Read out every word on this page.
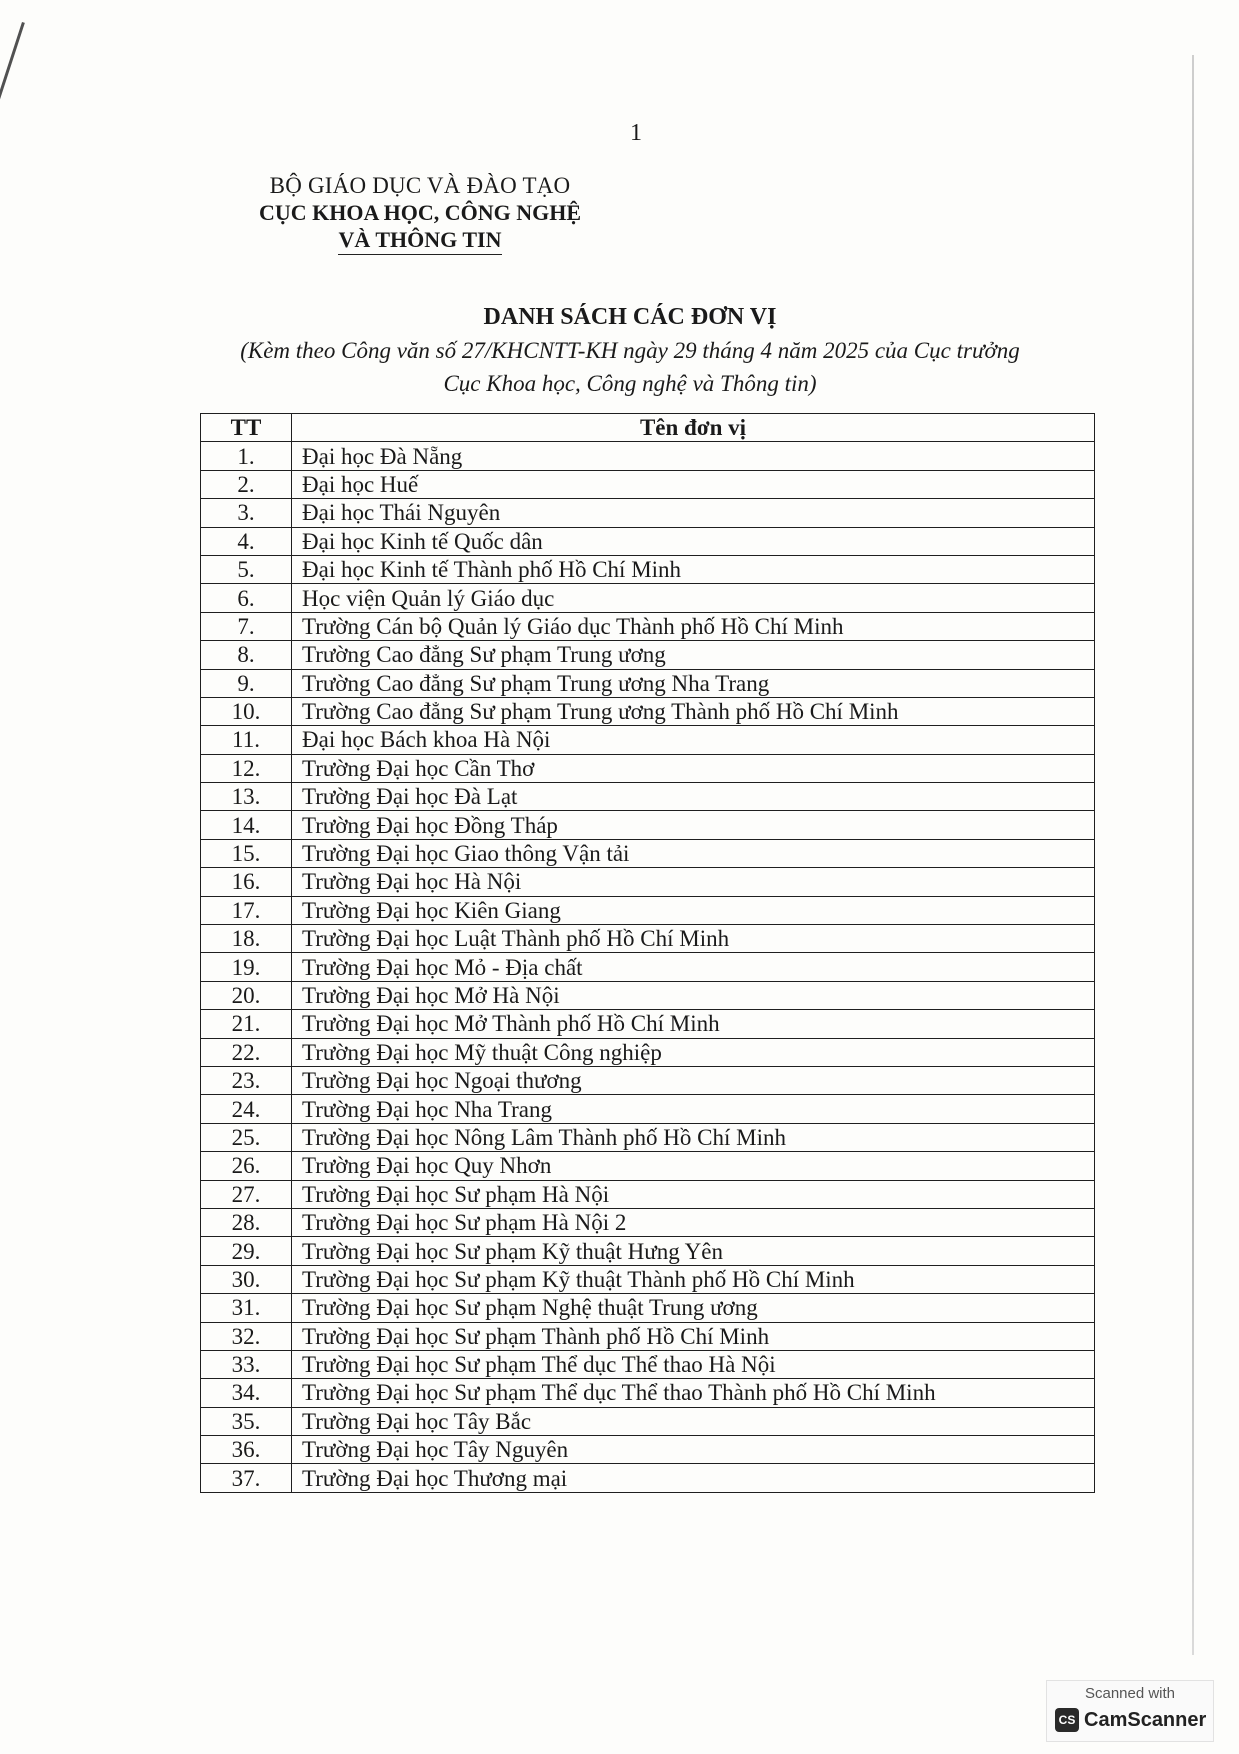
1
BỘ GIÁO DỤC VÀ ĐÀO TẠO
CỤC KHOA HỌC, CÔNG NGHỆ
VÀ THÔNG TIN
DANH SÁCH CÁC ĐƠN VỊ
(Kèm theo Công văn số 27/KHCNTT-KH ngày 29 tháng 4 năm 2025 của Cục trưởng
Cục Khoa học, Công nghệ và Thông tin)
TT	Tên đơn vị
1.	Đại học Đà Nẵng
2.	Đại học Huế
3.	Đại học Thái Nguyên
4.	Đại học Kinh tế Quốc dân
5.	Đại học Kinh tế Thành phố Hồ Chí Minh
6.	Học viện Quản lý Giáo dục
7.	Trường Cán bộ Quản lý Giáo dục Thành phố Hồ Chí Minh
8.	Trường Cao đẳng Sư phạm Trung ương
9.	Trường Cao đẳng Sư phạm Trung ương Nha Trang
10.	Trường Cao đẳng Sư phạm Trung ương Thành phố Hồ Chí Minh
11.	Đại học Bách khoa Hà Nội
12.	Trường Đại học Cần Thơ
13.	Trường Đại học Đà Lạt
14.	Trường Đại học Đồng Tháp
15.	Trường Đại học Giao thông Vận tải
16.	Trường Đại học Hà Nội
17.	Trường Đại học Kiên Giang
18.	Trường Đại học Luật Thành phố Hồ Chí Minh
19.	Trường Đại học Mỏ - Địa chất
20.	Trường Đại học Mở Hà Nội
21.	Trường Đại học Mở Thành phố Hồ Chí Minh
22.	Trường Đại học Mỹ thuật Công nghiệp
23.	Trường Đại học Ngoại thương
24.	Trường Đại học Nha Trang
25.	Trường Đại học Nông Lâm Thành phố Hồ Chí Minh
26.	Trường Đại học Quy Nhơn
27.	Trường Đại học Sư phạm Hà Nội
28.	Trường Đại học Sư phạm Hà Nội 2
29.	Trường Đại học Sư phạm Kỹ thuật Hưng Yên
30.	Trường Đại học Sư phạm Kỹ thuật Thành phố Hồ Chí Minh
31.	Trường Đại học Sư phạm Nghệ thuật Trung ương
32.	Trường Đại học Sư phạm Thành phố Hồ Chí Minh
33.	Trường Đại học Sư phạm Thể dục Thể thao Hà Nội
34.	Trường Đại học Sư phạm Thể dục Thể thao Thành phố Hồ Chí Minh
35.	Trường Đại học Tây Bắc
36.	Trường Đại học Tây Nguyên
37.	Trường Đại học Thương mại
Scanned with
CS CamScanner
